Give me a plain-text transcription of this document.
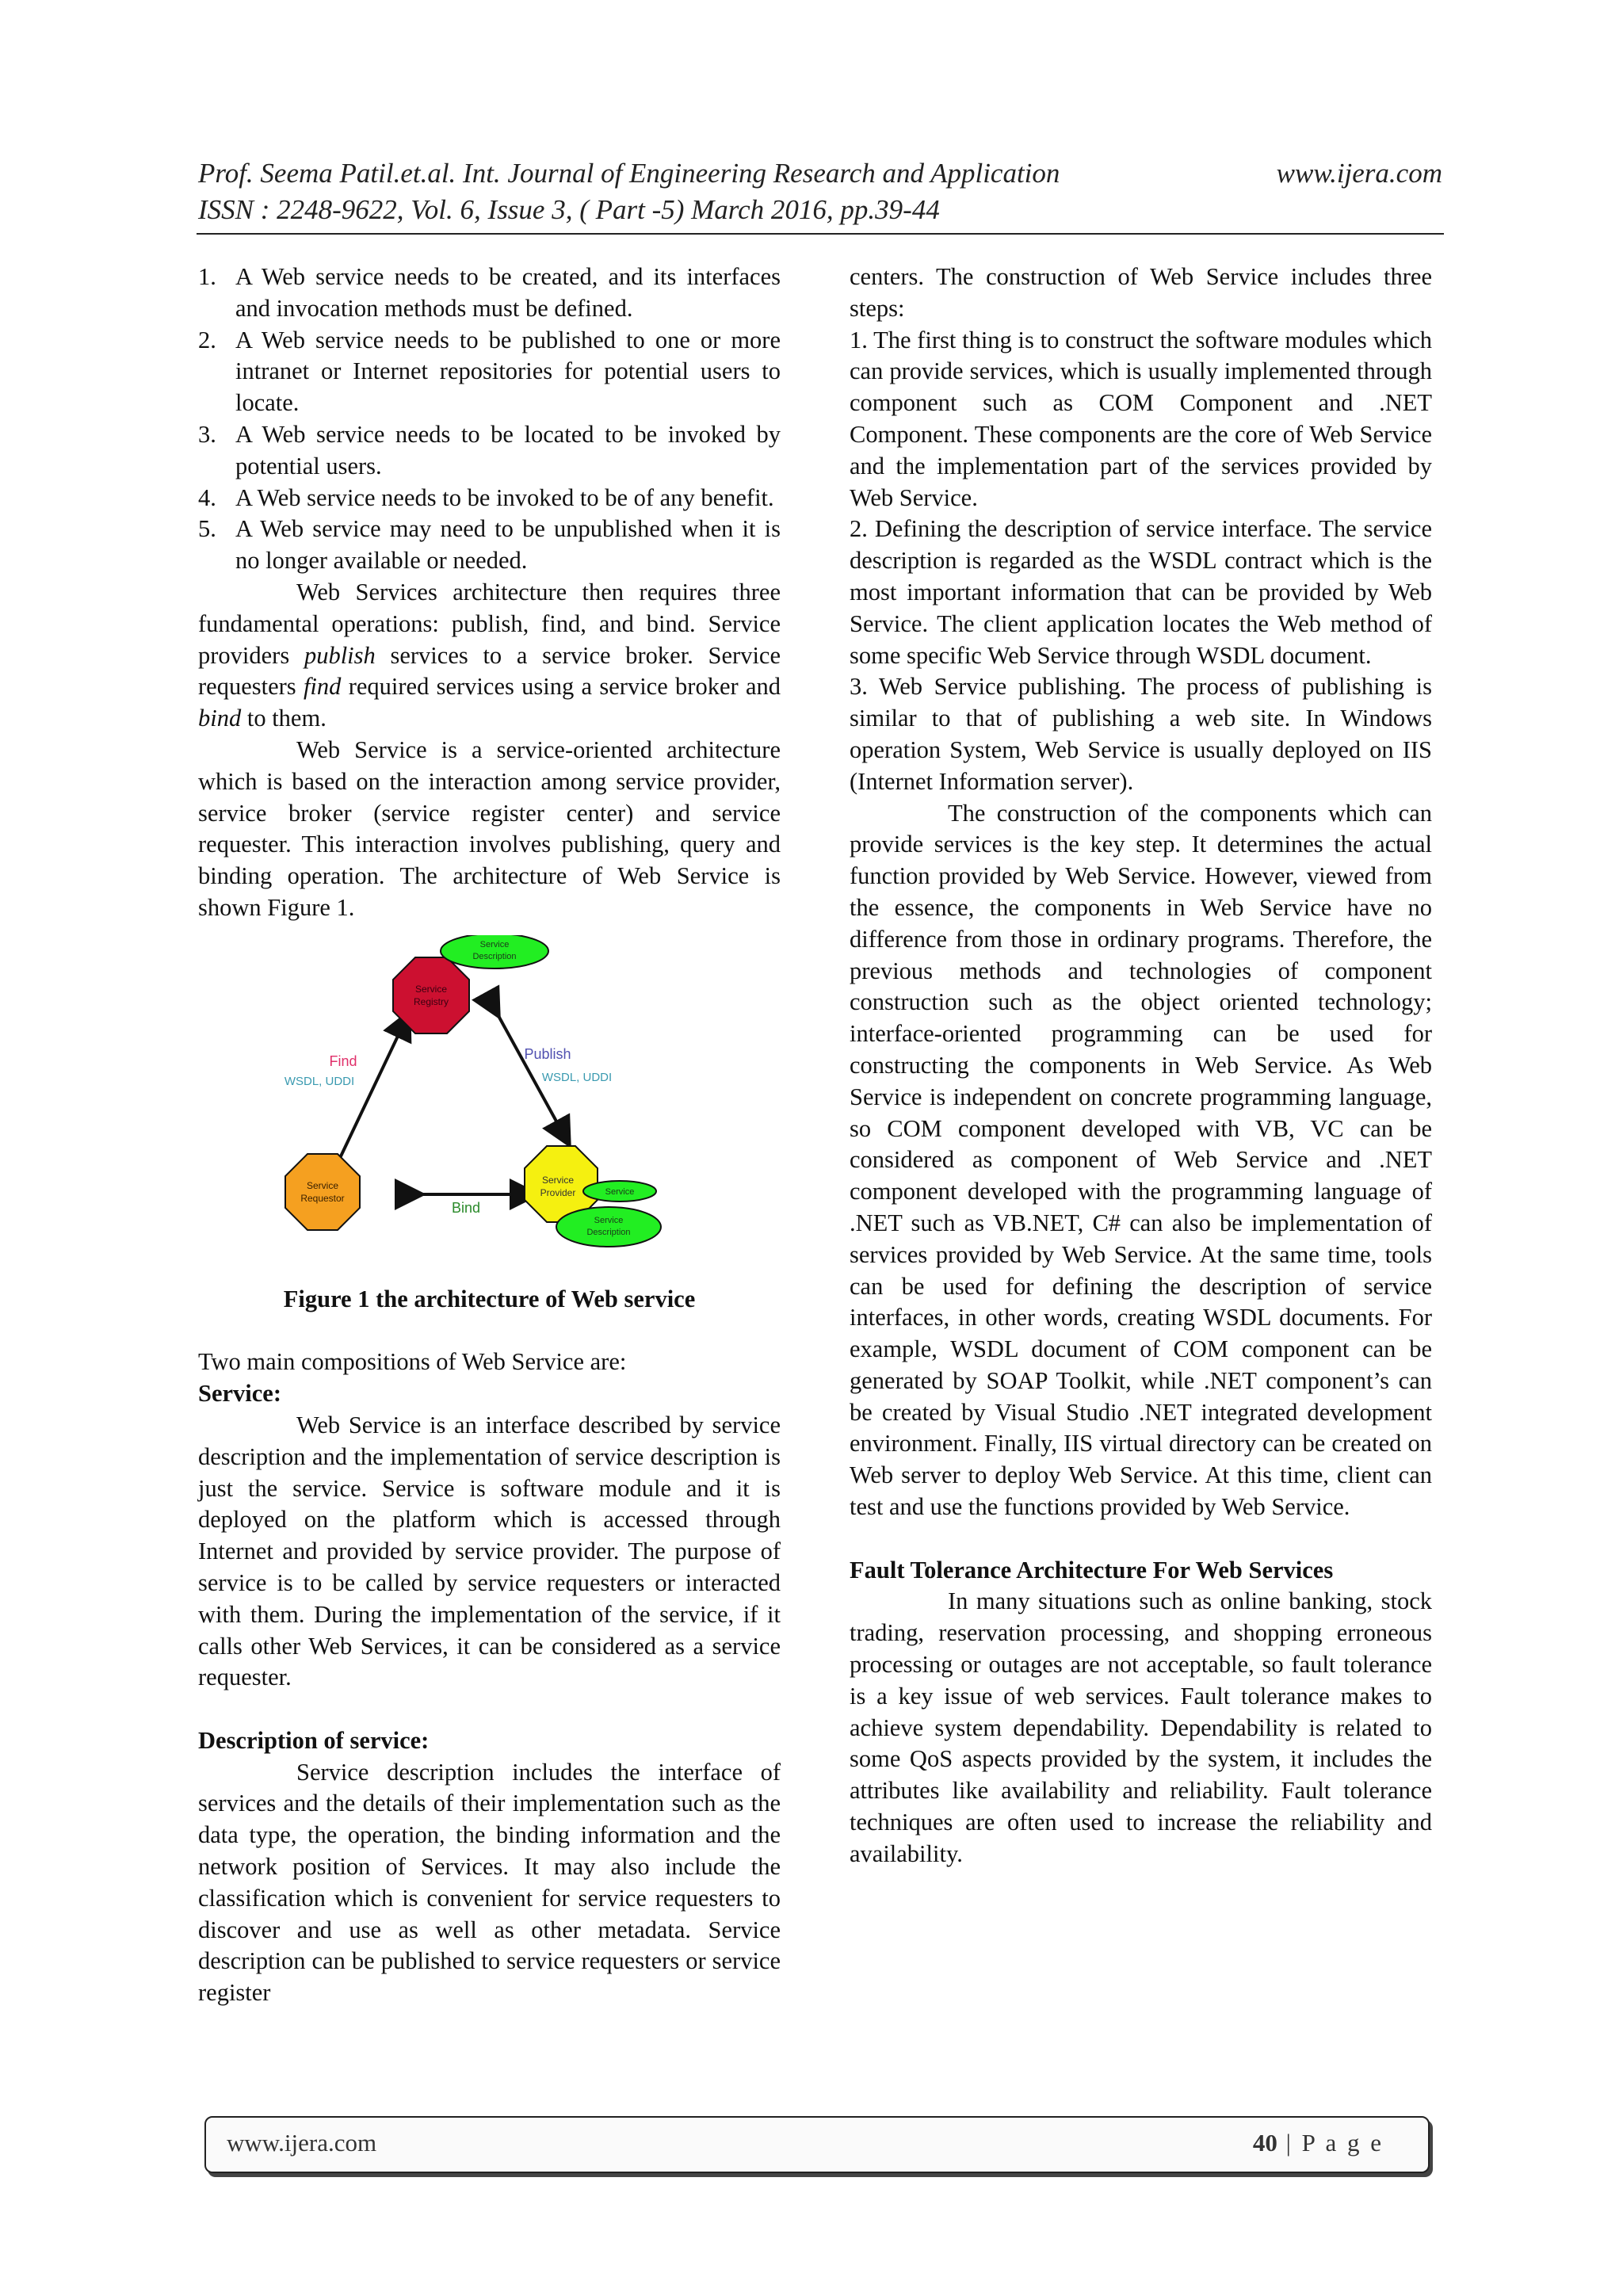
Prof. Seema Patil.et.al. Int. Journal of Engineering Research and Application	www.ijera.com
ISSN : 2248-9622, Vol. 6, Issue 3, ( Part -5) March 2016, pp.39-44
1. A Web service needs to be created, and its interfaces and invocation methods must be defined.
2. A Web service needs to be published to one or more intranet or Internet repositories for potential users to locate.
3. A Web service needs to be located to be invoked by potential users.
4. A Web service needs to be invoked to be of any benefit.
5. A Web service may need to be unpublished when it is no longer available or needed.

Web Services architecture then requires three fundamental operations: publish, find, and bind. Service providers publish services to a service broker. Service requesters find required services using a service broker and bind to them.

Web Service is a service-oriented architecture which is based on the interaction among service provider, service broker (service register center) and service requester. This interaction involves publishing, query and binding operation. The architecture of Web Service is shown Figure 1.

Service
Registry
Service
Description
Service
Requestor
Service
Provider	Service
Service
Description
Find
WSDL, UDDI
Publish
WSDL, UDDI
Bind

Figure 1 the architecture of Web service

Two main compositions of Web Service are:

Service:

Web Service is an interface described by service description and the implementation of service description is just the service. Service is software module and it is deployed on the platform which is accessed through Internet and provided by service provider. The purpose of service is to be called by service requesters or interacted with them. During the implementation of the service, if it calls other Web Services, it can be considered as a service requester.

Description of service:

Service description includes the interface of services and the details of their implementation such as the data type, the operation, the binding information and the network position of Services. It may also include the classification which is convenient for service requesters to discover and use as well as other metadata. Service description can be published to service requesters or service register

centers. The construction of Web Service includes three steps:

1. The first thing is to construct the software modules which can provide services, which is usually implemented through component such as COM Component and .NET Component. These components are the core of Web Service and the implementation part of the services provided by Web Service.

2. Defining the description of service interface. The service description is regarded as the WSDL contract which is the most important information that can be provided by Web Service. The client application locates the Web method of some specific Web Service through WSDL document.

3. Web Service publishing. The process of publishing is similar to that of publishing a web site. In Windows operation System, Web Service is usually deployed on IIS (Internet Information server).

The construction of the components which can provide services is the key step. It determines the actual function provided by Web Service. However, viewed from the essence, the components in Web Service have no difference from those in ordinary programs. Therefore, the previous methods and technologies of component construction such as the object oriented technology; interface-oriented programming can be used for constructing the components in Web Service. As Web Service is independent on concrete programming language, so COM component developed with VB, VC can be considered as component of Web Service and .NET component developed with the programming language of .NET such as VB.NET, C# can also be implementation of services provided by Web Service. At the same time, tools can be used for defining the description of service interfaces, in other words, creating WSDL documents. For example, WSDL document of COM component can be generated by SOAP Toolkit, while .NET component’s can be created by Visual Studio .NET integrated development environment. Finally, IIS virtual directory can be created on Web server to deploy Web Service. At this time, client can test and use the functions provided by Web Service.

Fault Tolerance Architecture For Web Services

In many situations such as online banking, stock trading, reservation processing, and shopping erroneous processing or outages are not acceptable, so fault tolerance is a key issue of web services. Fault tolerance makes to achieve system dependability. Dependability is related to some QoS aspects provided by the system, it includes the attributes like availability and reliability. Fault tolerance techniques are often used to increase the reliability and availability.

www.ijera.com	40 | P a g e
